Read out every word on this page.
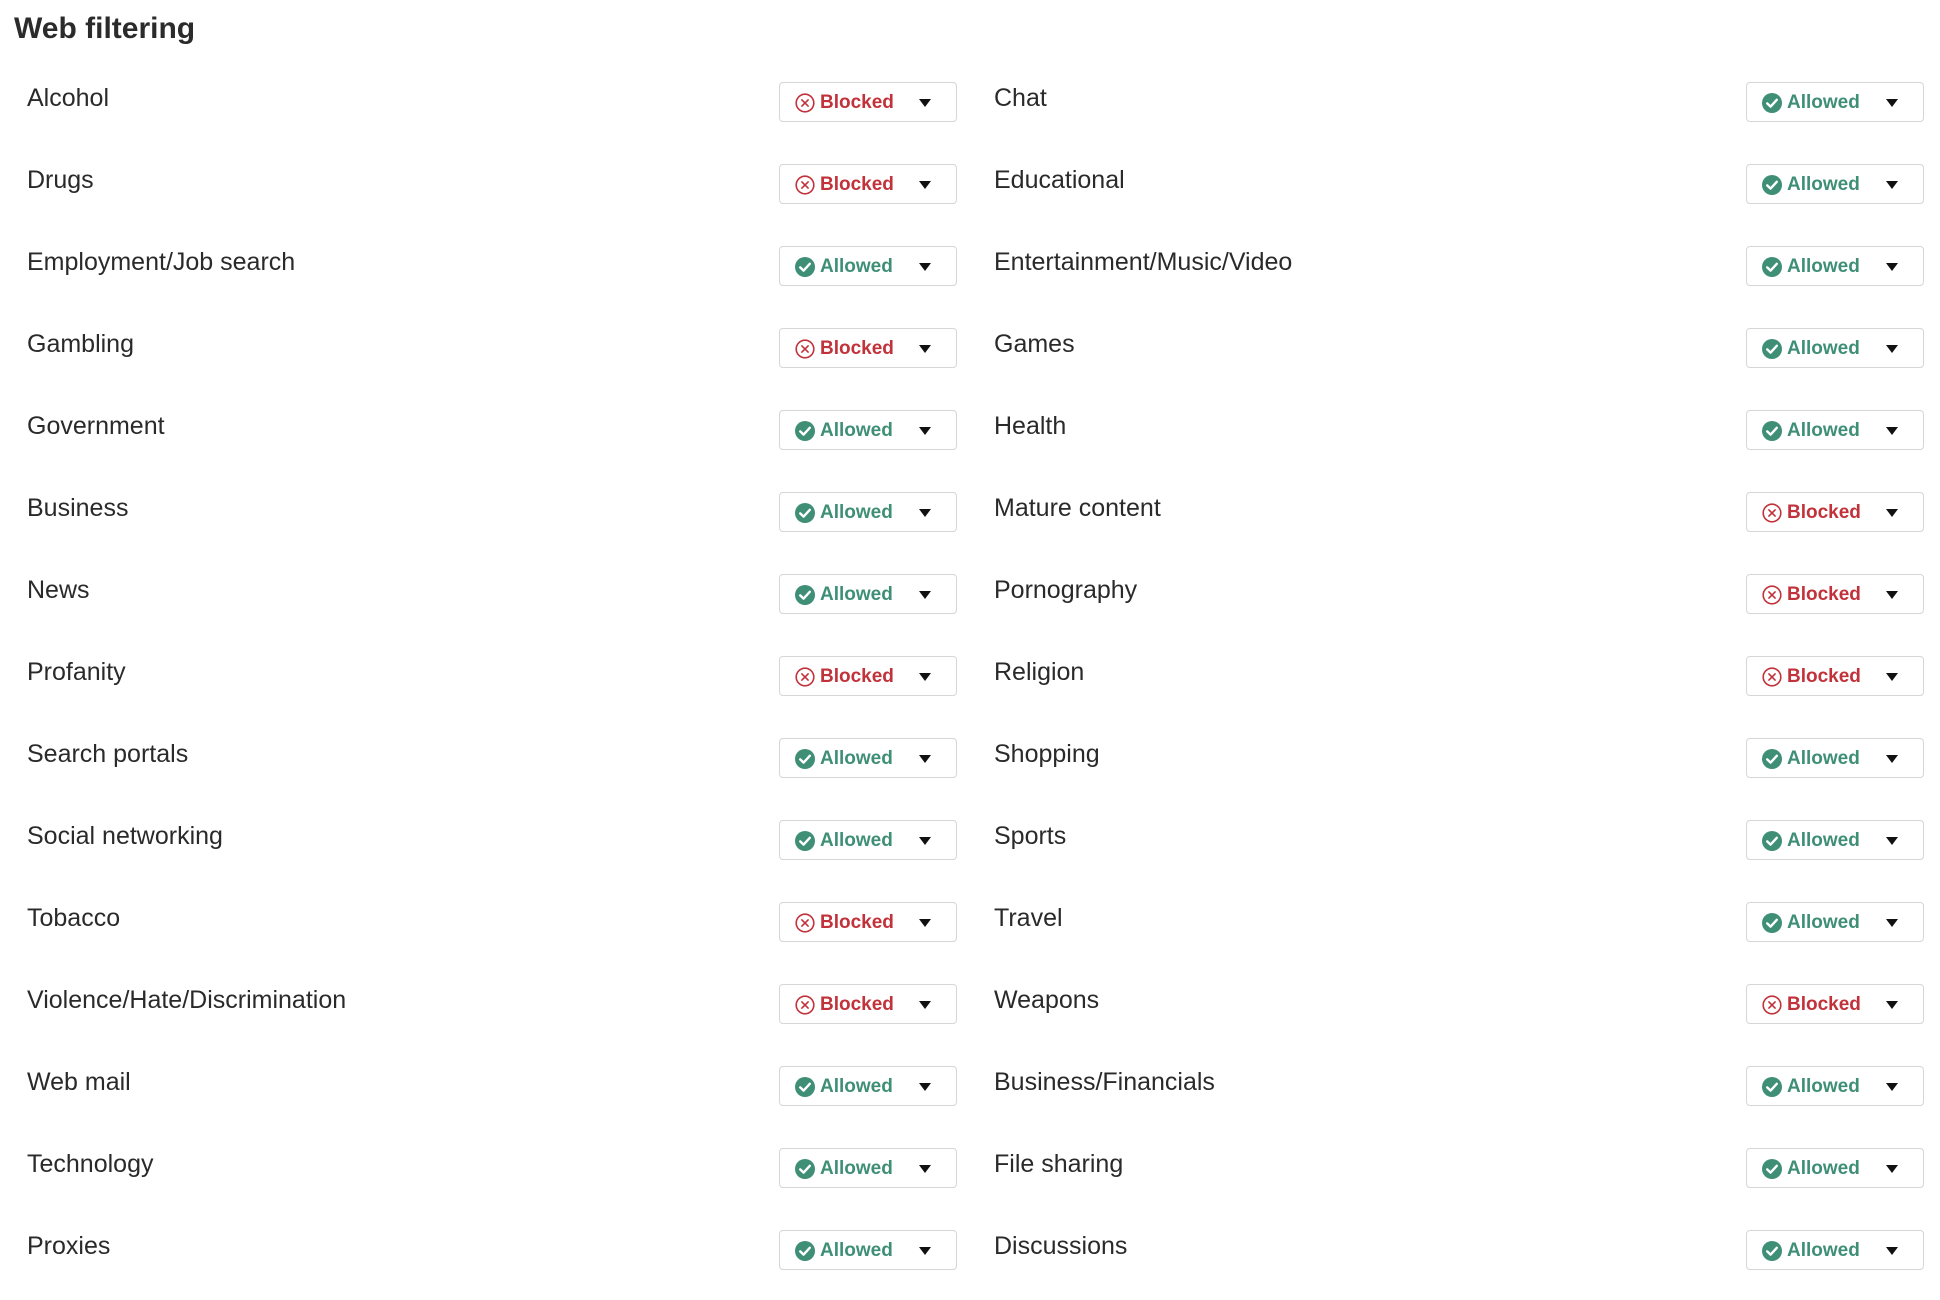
Web filtering
Alcohol	Blocked
Drugs	Blocked
Employment/Job search	Allowed
Gambling	Blocked
Government	Allowed
Business	Allowed
News	Allowed
Profanity	Blocked
Search portals	Allowed
Social networking	Allowed
Tobacco	Blocked
Violence/Hate/Discrimination	Blocked
Web mail	Allowed
Technology	Allowed
Proxies	Allowed
Chat	Allowed
Educational	Allowed
Entertainment/Music/Video	Allowed
Games	Allowed
Health	Allowed
Mature content	Blocked
Pornography	Blocked
Religion	Blocked
Shopping	Allowed
Sports	Allowed
Travel	Allowed
Weapons	Blocked
Business/Financials	Allowed
File sharing	Allowed
Discussions	Allowed
